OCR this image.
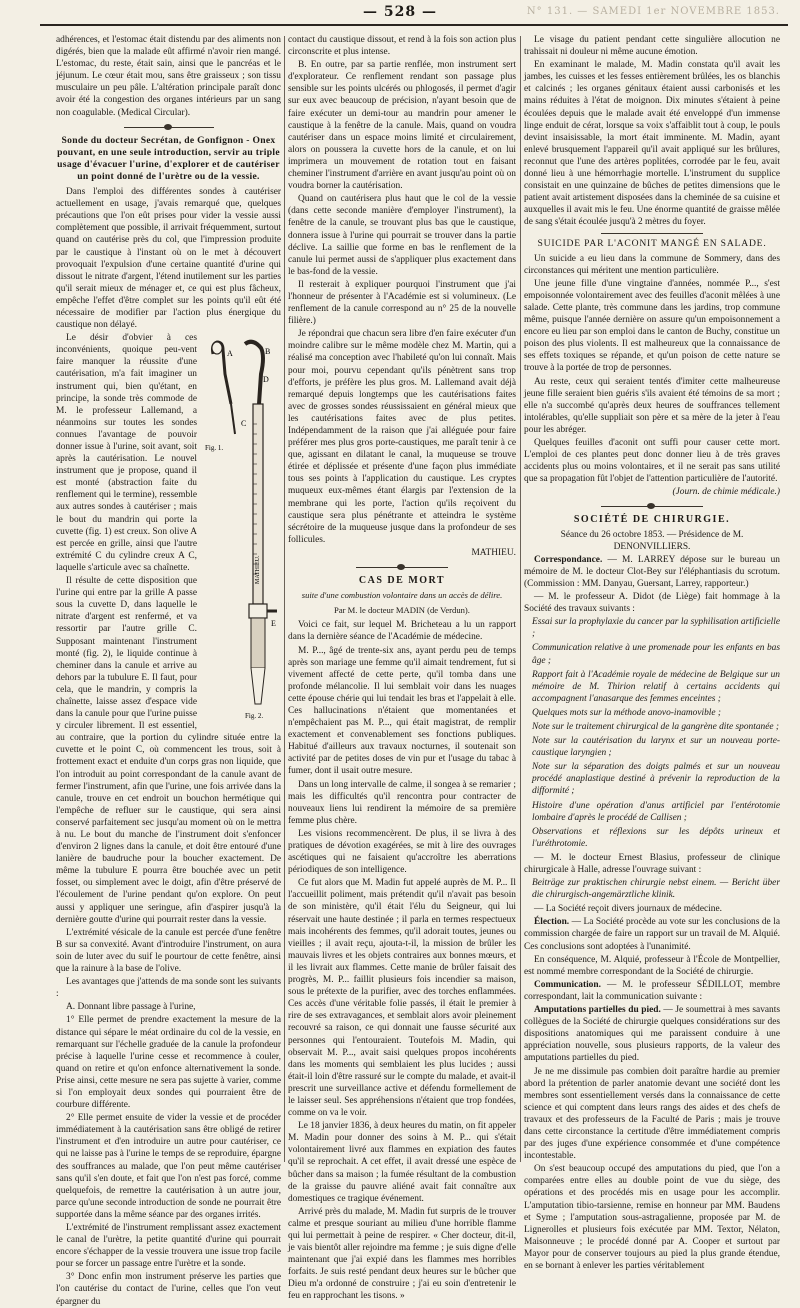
— 528 —	N° 131. — SAMEDI 1er NOVEMBRE 1853.

adhérences, et l'estomac était distendu par des aliments non digérés, bien que la malade eût affirmé n'avoir rien mangé. L'estomac, du reste, était sain, ainsi que le pancréas et le jéjunum. Le cœur était mou, sans être graisseux ; son tissu musculaire un peu pâle. L'altération principale paraît donc avoir été la congestion des organes intérieurs par un sang non coagulable. (Medical Circular).

Sonde du docteur Secrétan, de Gonfignon - Onex pouvant, en une seule introduction, servir au triple usage d'évacuer l'urine, d'explorer et de cautériser un point donné de l'urètre ou de la vessie.

Dans l'emploi des différentes sondes à cautériser actuellement en usage, j'avais remarqué que, quelques précautions que l'on eût prises pour vider la vessie aussi complètement que possible, il arrivait fréquemment, surtout quand on cautérise près du col, que l'impression produite par le caustique à l'instant où on le met à découvert provoquait l'expulsion d'une certaine quantité d'urine qui dissout le nitrate d'argent, l'étend inutilement sur les parties qu'il serait mieux de ménager et, ce qui est plus fâcheux, empêche l'effet d'être complet sur les points qu'il eût été nécessaire de modifier par l'action plus énergique du caustique non délayé.

A
C
Fig. 1.
B
D
MATHIEU.
E
Fig. 2.

Le désir d'obvier à ces inconvénients, quoique peu-vent faire manquer la réussite d'une cautérisation, m'a fait imaginer un instrument qui, bien qu'étant, en principe, la sonde très commode de M. le professeur Lallemand, a néanmoins sur toutes les sondes connues l'avantage de pouvoir donner issue à l'urine, soit avant, soit après la cautérisation. Le nouvel instrument que je propose, quand il est monté (abstraction faite du renflement qui le termine), ressemble aux autres sondes à cautériser ; mais le bout du mandrin qui porte la cuvette (fig. 1) est creux. Son olive A est percée en grille, ainsi que l'autre extrémité C du cylindre creux A C, laquelle s'articule avec sa chaînette.

Il résulte de cette disposition que l'urine qui entre par la grille A passe sous la cuvette D, dans laquelle le nitrate d'argent est renfermé, et va ressortir par l'autre grille C. Supposant maintenant l'instrument monté (fig. 2), le liquide continue à cheminer dans la canule et arrive au dehors par la tubulure E. Il faut, pour cela, que le mandrin, y compris la chaînette, laisse assez d'espace vide dans la canule pour que l'urine puisse y circuler librement. Il est essentiel, au contraire, que la portion du cylindre située entre la cuvette et le point C, où commencent les trous, soit à frottement exact et enduite d'un corps gras non liquide, que l'on introduit au point correspondant de la canule avant de fermer l'instrument, afin que l'urine, une fois arrivée dans la canule, trouve en cet endroit un bouchon hermétique qui l'empêche de refluer sur le caustique, qui sera ainsi conservé parfaitement sec jusqu'au moment où on le mettra à nu. Le bout du manche de l'instrument doit s'enfoncer d'environ 2 lignes dans la canule, et doit être entouré d'une lanière de baudruche pour la boucher exactement. De même la tubulure E pourra être bouchée avec un petit fosset, ou simplement avec le doigt, afin d'être préservé de l'écoulement de l'urine pendant qu'on explore. On peut aussi y appliquer une seringue, afin d'aspirer jusqu'à la dernière goutte d'urine qui pourrait rester dans la vessie.

L'extrémité vésicale de la canule est percée d'une fenêtre B sur sa convexité. Avant d'introduire l'instrument, on aura soin de luter avec du suif le pourtour de cette fenêtre, ainsi que la rainure à la base de l'olive.

Les avantages que j'attends de ma sonde sont les suivants :

A. Donnant libre passage à l'urine,

1° Elle permet de prendre exactement la mesure de la distance qui sépare le méat ordinaire du col de la vessie, en remarquant sur l'échelle graduée de la canule la profondeur précise à laquelle l'urine cesse et recommence à couler, quand on retire et qu'on enfonce alternativement la sonde. Prise ainsi, cette mesure ne sera pas sujette à varier, comme si l'on employait deux sondes qui pourraient être de courbure différente.

2° Elle permet ensuite de vider la vessie et de procéder immédiatement à la cautérisation sans être obligé de retirer l'instrument et d'en introduire un autre pour cautériser, ce qui ne laisse pas à l'urine le temps de se reproduire, épargne des souffrances au malade, que l'on peut même cautériser sans qu'il s'en doute, et fait que l'on n'est pas forcé, comme quelquefois, de remettre la cautérisation à un autre jour, parce qu'une seconde introduction de sonde ne pourrait être supportée dans la même séance par des organes irrités.

L'extrémité de l'instrument remplissant assez exactement le canal de l'urètre, la petite quantité d'urine qui pourrait encore s'échapper de la vessie trouvera une issue trop facile pour se forcer un passage entre l'urètre et la sonde.

3° Donc enfin mon instrument préserve les parties que l'on cautérise du contact de l'urine, celles que l'on veut épargner du

contact du caustique dissout, et rend à la fois son action plus circonscrite et plus intense.

B. En outre, par sa partie renflée, mon instrument sert d'explorateur. Ce renflement rendant son passage plus sensible sur les points ulcérés ou phlogosés, il permet d'agir sur eux avec beaucoup de précision, n'ayant besoin que de faire exécuter un demi-tour au mandrin pour amener le caustique à la fenêtre de la canule. Mais, quand on voudra cautériser dans un espace moins limité et circulairement, alors on poussera la cuvette hors de la canule, et on lui imprimera un mouvement de rotation tout en faisant cheminer l'instrument d'arrière en avant jusqu'au point où on voudra borner la cautérisation.

Quand on cautérisera plus haut que le col de la vessie (dans cette seconde manière d'employer l'instrument), la fenêtre de la canule, se trouvant plus bas que le caustique, donnera issue à l'urine qui pourrait se trouver dans la partie déclive. La saillie que forme en bas le renflement de la canule lui permet aussi de s'appliquer plus exactement dans le bas-fond de la vessie.

Il resterait à expliquer pourquoi l'instrument que j'ai l'honneur de présenter à l'Académie est si volumineux. (Le renflement de la canule correspond au n° 25 de la nouvelle filière.)

Je répondrai que chacun sera libre d'en faire exécuter d'un moindre calibre sur le même modèle chez M. Martin, qui a réalisé ma conception avec l'habileté qu'on lui connaît. Mais pour moi, pourvu cependant qu'ils pénètrent sans trop d'efforts, je préfère les plus gros. M. Lallemand avait déjà remarqué depuis longtemps que les cautérisations faites avec de grosses sondes réussissaient en général mieux que les cautérisations faites avec de plus petites. Indépendamment de la raison que j'ai alléguée pour faire préférer mes plus gros porte-caustiques, me paraît tenir à ce que, agissant en dilatant le canal, la muqueuse se trouve étirée et déplissée et présente d'une façon plus immédiate tous ses points à l'application du caustique. Les cryptes muqueux eux-mêmes étant élargis par l'extension de la membrane qui les porte, l'action qu'ils reçoivent du caustique sera plus pénétrante et atteindra le système sécrétoire de la muqueuse jusque dans la profondeur de ses follicules.

MATHIEU.

CAS DE MORT
suite d'une combustion volontaire dans un accès de délire.
Par M. le docteur MADIN (de Verdun).

Voici ce fait, sur lequel M. Bricheteau a lu un rapport dans la dernière séance de l'Académie de médecine.

M. P..., âgé de trente-six ans, ayant perdu peu de temps après son mariage une femme qu'il aimait tendrement, fut si vivement affecté de cette perte, qu'il tomba dans une profonde mélancolie. Il lui semblait voir dans les nuages cette épouse chérie qui lui tendait les bras et l'appelait à elle. Ces hallucinations n'étaient que momentanées et n'empêchaient pas M. P..., qui était magistrat, de remplir exactement et convenablement ses fonctions publiques. Habitué d'ailleurs aux travaux nocturnes, il soutenait son activité par de petites doses de vin pur et l'usage du tabac à fumer, dont il usait outre mesure.

Dans un long intervalle de calme, il songea à se remarier ; mais les difficultés qu'il rencontra pour contracter de nouveaux liens lui rendirent la mémoire de sa première femme plus chère.

Les visions recommencèrent. De plus, il se livra à des pratiques de dévotion exagérées, se mit à lire des ouvrages ascétiques qui ne faisaient qu'accroître les aberrations périodiques de son intelligence.

Ce fut alors que M. Madin fut appelé auprès de M. P... Il l'accueillit poliment, mais prétendit qu'il n'avait pas besoin de son ministère, qu'il était l'élu du Seigneur, qui lui réservait une haute destinée ; il parla en termes respectueux mais incohérents des femmes, qu'il adorait toutes, jeunes ou vieilles ; il avait reçu, ajouta-t-il, la mission de brûler les mauvais livres et les objets contraires aux bonnes mœurs, et il les livrait aux flammes. Cette manie de brûler faisait des progrès, M. P... faillit plusieurs fois incendier sa maison, sous le prétexte de la purifier, avec des torches enflammées. Ces accès d'une véritable folie passés, il était le premier à rire de ses extravagances, et semblait alors avoir pleinement recouvré sa raison, ce qui donnait une fausse sécurité aux personnes qui l'entouraient. Toutefois M. Madin, qui observait M. P..., avait saisi quelques propos incohérents dans les moments qui semblaient les plus lucides ; aussi était-il loin d'être rassuré sur le compte du malade, et avait-il prescrit une surveillance active et défendu formellement de le laisser seul. Ses appréhensions n'étaient que trop fondées, comme on va le voir.

Le 18 janvier 1836, à deux heures du matin, on fit appeler M. Madin pour donner des soins à M. P... qui s'était volontairement livré aux flammes en expiation des fautes qu'il se reprochait. A cet effet, il avait dressé une espèce de bûcher dans sa maison ; la fumée résultant de la combustion de la graisse du pauvre aliéné avait fait connaître aux domestiques ce tragique événement.

Arrivé près du malade, M. Madin fut surpris de le trouver calme et presque souriant au milieu d'une horrible flamme qui lui permettait à peine de respirer. « Cher docteur, dit-il, je vais bientôt aller rejoindre ma femme ; je suis digne d'elle maintenant que j'ai expié dans les flammes mes horribles forfaits. Je suis resté pendant deux heures sur le bûcher que Dieu m'a ordonné de construire ; j'ai eu soin d'entretenir le feu en rapprochant les tisons. »

Le visage du patient pendant cette singulière allocution ne trahissait ni douleur ni même aucune émotion.

En examinant le malade, M. Madin constata qu'il avait les jambes, les cuisses et les fesses entièrement brûlées, les os blanchis et calcinés ; les organes génitaux étaient aussi carbonisés et les mains réduites à l'état de moignon. Dix minutes s'étaient à peine écoulées depuis que le malade avait été enveloppé d'un immense linge enduit de cérat, lorsque sa voix s'affaiblit tout à coup, le pouls devint insaisissable, la mort était imminente. M. Madin, ayant enlevé brusquement l'appareil qu'il avait appliqué sur les brûlures, reconnut que l'une des artères poplitées, corrodée par le feu, avait donné lieu à une hémorrhagie mortelle. L'instrument du supplice consistait en une quinzaine de bûches de petites dimensions que le patient avait artistement disposées dans la cheminée de sa cuisine et auxquelles il avait mis le feu. Une énorme quantité de graisse mêlée de sang s'était écoulée jusqu'à 2 mètres du foyer.

SUICIDE PAR L'ACONIT MANGÉ EN SALADE.

Un suicide a eu lieu dans la commune de Sommery, dans des circonstances qui méritent une mention particulière.

Une jeune fille d'une vingtaine d'années, nommée P..., s'est empoisonnée volontairement avec des feuilles d'aconit mêlées à une salade. Cette plante, très commune dans les jardins, trop commune même, puisque l'année dernière on assure qu'un empoisonnement a encore eu lieu par son emploi dans le canton de Buchy, constitue un poison des plus violents. Il est malheureux que la connaissance de ses effets toxiques se répande, et qu'un poison de cette nature se trouve à la portée de trop de personnes.

Au reste, ceux qui seraient tentés d'imiter cette malheureuse jeune fille seraient bien guéris s'ils avaient été témoins de sa mort ; elle n'a succombé qu'après deux heures de souffrances tellement intolérables, qu'elle suppliait son père et sa mère de la jeter à l'eau pour les abréger.

Quelques feuilles d'aconit ont suffi pour causer cette mort. L'emploi de ces plantes peut donc donner lieu à de très graves accidents plus ou moins volontaires, et il ne serait pas sans utilité que sa propagation fût l'objet de l'attention particulière de l'autorité.

(Journ. de chimie médicale.)

SOCIÉTÉ DE CHIRURGIE.

Séance du 26 octobre 1853. — Présidence de M. DENONVILLIERS.

Correspondance. — M. LARREY dépose sur le bureau un mémoire de M. le docteur Clot-Bey sur l'éléphantiasis du scrotum. (Commission : MM. Danyau, Guersant, Larrey, rapporteur.)

— M. le professeur A. Didot (de Liège) fait hommage à la Société des travaux suivants :

Essai sur la prophylaxie du cancer par la syphilisation artificielle ;

Communication relative à une promenade pour les enfants en bas âge ;

Rapport fait à l'Académie royale de médecine de Belgique sur un mémoire de M. Thirion relatif à certains accidents qui accompagnent l'anasarque des femmes enceintes ;

Quelques mots sur la méthode anovo-inamovible ;

Note sur le traitement chirurgical de la gangrène dite spontanée ;

Note sur la cautérisation du larynx et sur un nouveau porte-caustique laryngien ;

Note sur la séparation des doigts palmés et sur un nouveau procédé anaplastique destiné à prévenir la reproduction de la difformité ;

Histoire d'une opération d'anus artificiel par l'entérotomie lombaire d'après le procédé de Callisen ;

Observations et réflexions sur les dépôts urineux et l'uréthrotomie.

— M. le docteur Ernest Blasius, professeur de clinique chirurgicale à Halle, adresse l'ouvrage suivant :

Beiträge zur praktischen chirurgie nebst einem. — Bericht über die chirurgisch-angemärztliche klinik.

— La Société reçoit divers journaux de médecine.

Élection. — La Société procède au vote sur les conclusions de la commission chargée de faire un rapport sur un travail de M. Alquié. Ces conclusions sont adoptées à l'unanimité.

En conséquence, M. Alquié, professeur à l'École de Montpellier, est nommé membre correspondant de la Société de chirurgie.

Communication. — M. le professeur SÉDILLOT, membre correspondant, lait la communication suivante :

Amputations partielles du pied. — Je soumettrai à mes savants collègues de la Société de chirurgie quelques considérations sur des dispositions anatomiques qui me paraissent conduire à une appréciation nouvelle, sous plusieurs rapports, de la valeur des amputations partielles du pied.

Je ne me dissimule pas combien doit paraître hardie au premier abord la prétention de parler anatomie devant une société dont les membres sont essentiellement versés dans la connaissance de cette science et qui comptent dans leurs rangs des aides et des chefs de travaux et des professeurs de la Faculté de Paris ; mais je trouve dans cette circonstance la certitude d'être immédiatement compris par des juges d'une expérience consommée et d'une compétence incontestable.

On s'est beaucoup occupé des amputations du pied, que l'on a comparées entre elles au double point de vue du siège, des opérations et des procédés mis en usage pour les accomplir. L'amputation tibio-tarsienne, remise en honneur par MM. Baudens et Syme ; l'amputation sous-astragalienne, proposée par M. de Lignerolles et plusieurs fois exécutée par MM. Textor, Nélaton, Maisonneuve ; le procédé donné par A. Cooper et surtout par Mayor pour de conserver toujours au pied la plus grande étendue, en se bornant à enlever les parties véritablement
